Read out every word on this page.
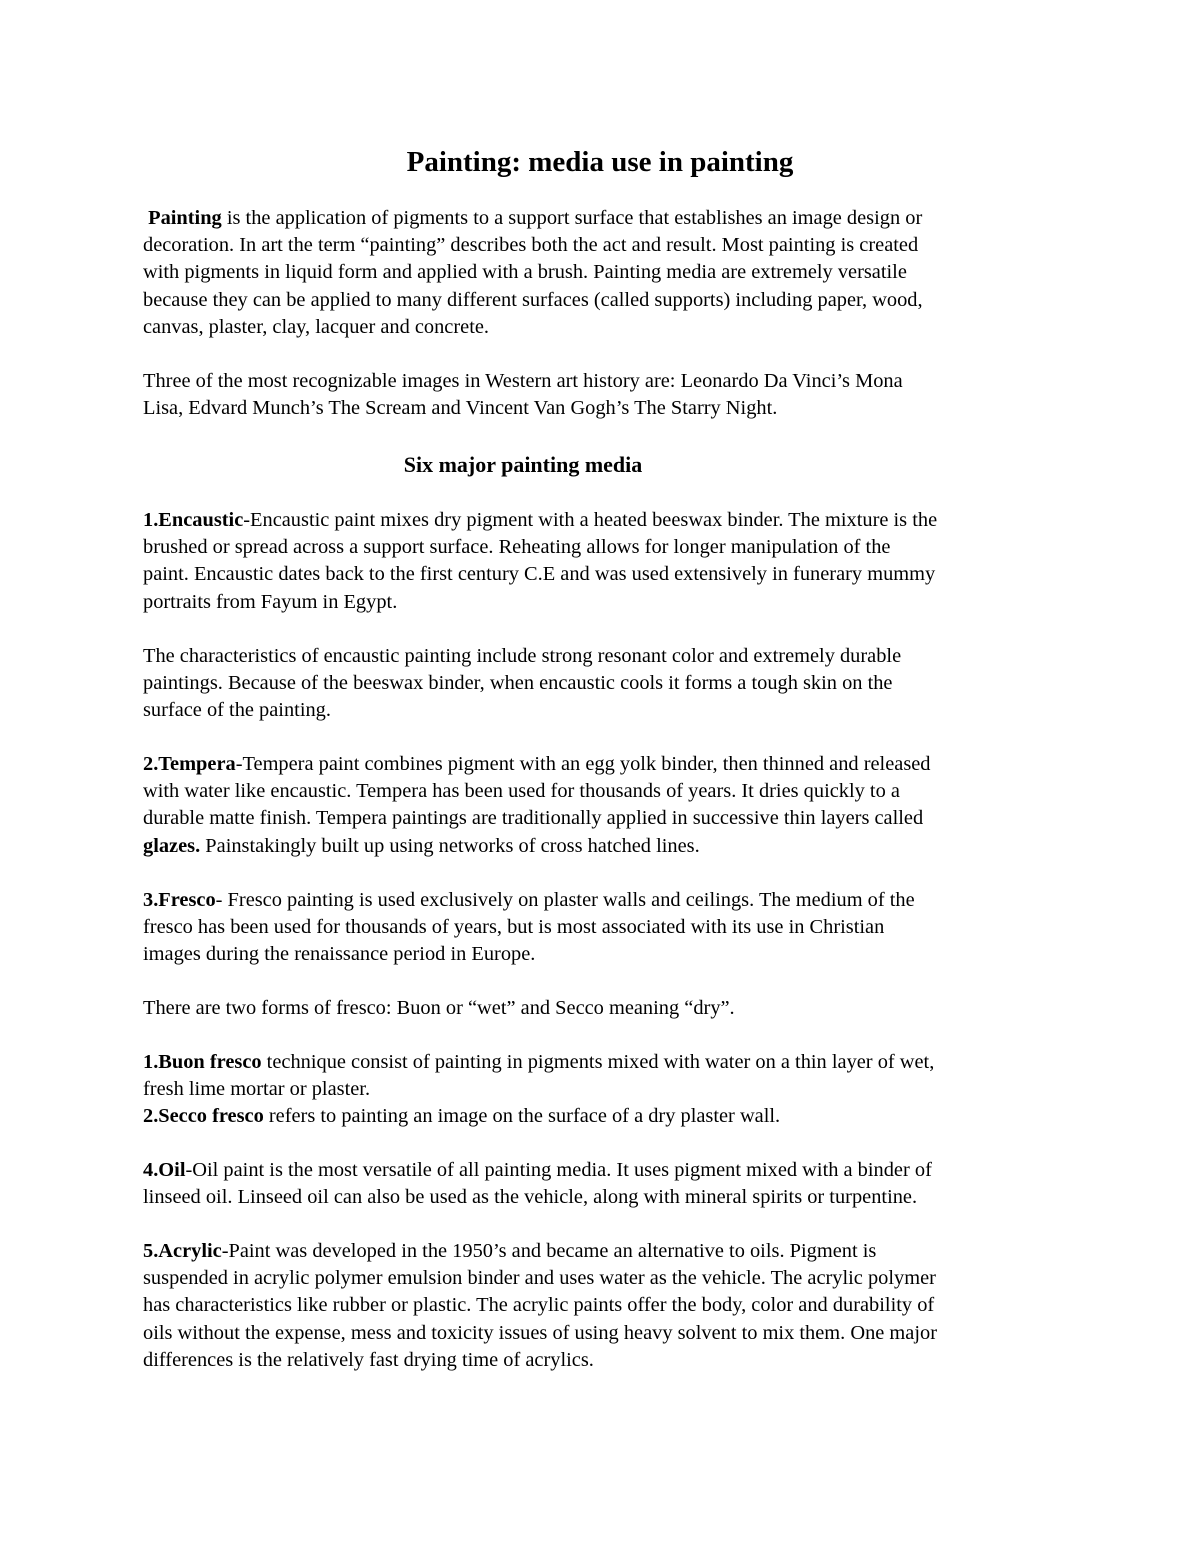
Painting: media use in painting
Painting is the application of pigments to a support surface that establishes an image design or
decoration. In art the term “painting” describes both the act and result. Most painting is created
with pigments in liquid form and applied with a brush. Painting media are extremely versatile
because they can be applied to many different surfaces (called supports) including paper, wood,
canvas, plaster, clay, lacquer and concrete.
Three of the most recognizable images in Western art history are: Leonardo Da Vinci’s Mona
Lisa, Edvard Munch’s The Scream and Vincent Van Gogh’s The Starry Night.
Six major painting media
1.Encaustic-Encaustic paint mixes dry pigment with a heated beeswax binder. The mixture is the
brushed or spread across a support surface. Reheating allows for longer manipulation of the
paint. Encaustic dates back to the first century C.E and was used extensively in funerary mummy
portraits from Fayum in Egypt.
The characteristics of encaustic painting include strong resonant color and extremely durable
paintings. Because of the beeswax binder, when encaustic cools it forms a tough skin on the
surface of the painting.
2.Tempera-Tempera paint combines pigment with an egg yolk binder, then thinned and released
with water like encaustic. Tempera has been used for thousands of years. It dries quickly to a
durable matte finish. Tempera paintings are traditionally applied in successive thin layers called
glazes. Painstakingly built up using networks of cross hatched lines.
3.Fresco- Fresco painting is used exclusively on plaster walls and ceilings. The medium of the
fresco has been used for thousands of years, but is most associated with its use in Christian
images during the renaissance period in Europe.
There are two forms of fresco: Buon or “wet” and Secco meaning “dry”.
1.Buon fresco technique consist of painting in pigments mixed with water on a thin layer of wet,
fresh lime mortar or plaster.
2.Secco fresco refers to painting an image on the surface of a dry plaster wall.
4.Oil-Oil paint is the most versatile of all painting media. It uses pigment mixed with a binder of
linseed oil. Linseed oil can also be used as the vehicle, along with mineral spirits or turpentine.
5.Acrylic-Paint was developed in the 1950’s and became an alternative to oils. Pigment is
suspended in acrylic polymer emulsion binder and uses water as the vehicle. The acrylic polymer
has characteristics like rubber or plastic. The acrylic paints offer the body, color and durability of
oils without the expense, mess and toxicity issues of using heavy solvent to mix them. One major
differences is the relatively fast drying time of acrylics.
